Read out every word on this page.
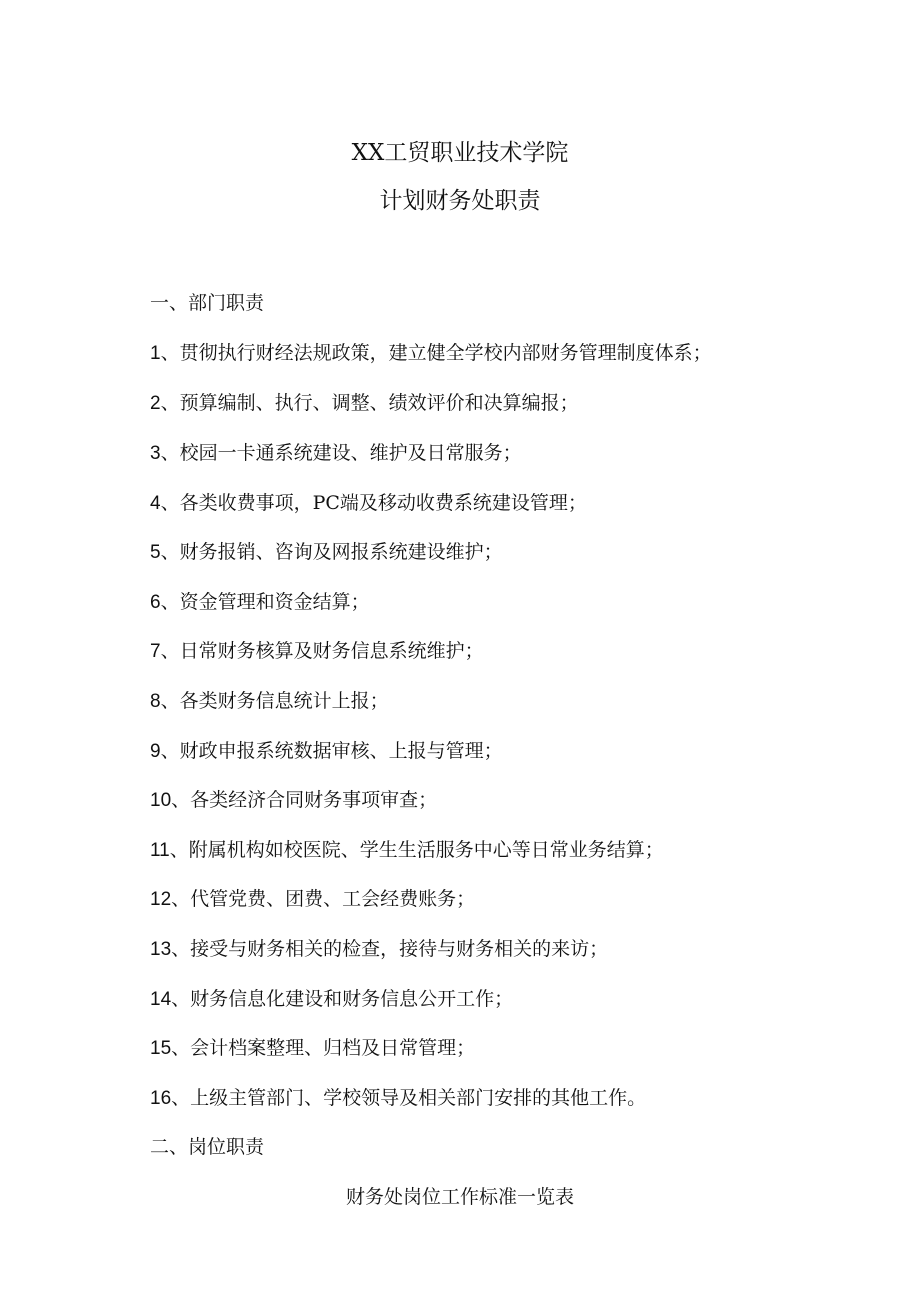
XX工贸职业技术学院
计划财务处职责
一、部门职责
1、贯彻执行财经法规政策，建立健全学校内部财务管理制度体系；
2、预算编制、执行、调整、绩效评价和决算编报；
3、校园一卡通系统建设、维护及日常服务；
4、各类收费事项，PC端及移动收费系统建设管理；
5、财务报销、咨询及网报系统建设维护；
6、资金管理和资金结算；
7、日常财务核算及财务信息系统维护；
8、各类财务信息统计上报；
9、财政申报系统数据审核、上报与管理；
10、各类经济合同财务事项审查；
11、附属机构如校医院、学生生活服务中心等日常业务结算；
12、代管党费、团费、工会经费账务；
13、接受与财务相关的检查，接待与财务相关的来访；
14、财务信息化建设和财务信息公开工作；
15、会计档案整理、归档及日常管理；
16、上级主管部门、学校领导及相关部门安排的其他工作。
二、岗位职责
财务处岗位工作标准一览表
